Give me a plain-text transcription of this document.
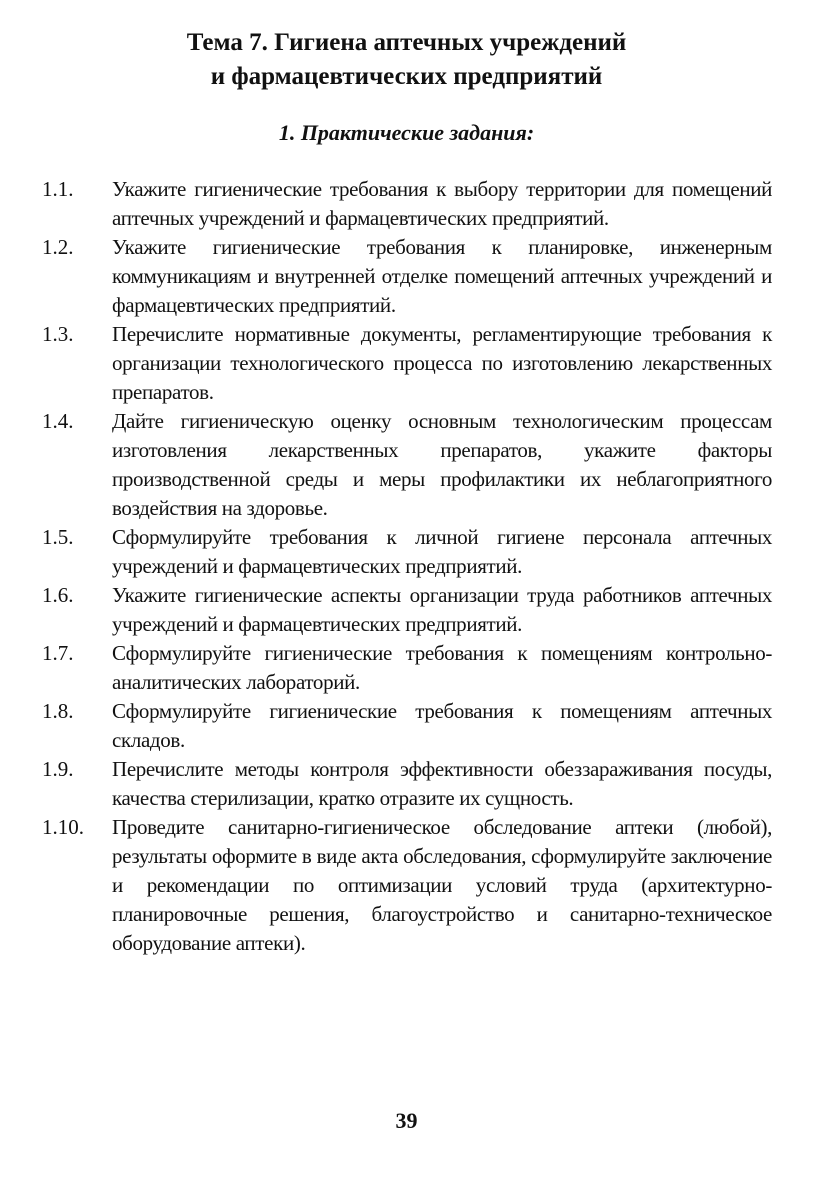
Тема 7. Гигиена аптечных учреждений
и фармацевтических предприятий
1. Практические задания:
1.1.	Укажите гигиенические требования к выбору территории для помещений аптечных учреждений и фармацевтических предприятий.
1.2.	Укажите гигиенические требования к планировке, инженерным коммуникациям и внутренней отделке помещений аптечных учреждений и фармацевтических предприятий.
1.3.	Перечислите нормативные документы, регламентирующие требования к организации технологического процесса по изготовлению лекарственных препаратов.
1.4.	Дайте гигиеническую оценку основным технологическим процессам изготовления лекарственных препаратов, укажите факторы производственной среды и меры профилактики их неблагоприятного воздействия на здоровье.
1.5.	Сформулируйте требования к личной гигиене персонала аптечных учреждений и фармацевтических предприятий.
1.6.	Укажите гигиенические аспекты организации труда работников аптечных учреждений и фармацевтических предприятий.
1.7.	Сформулируйте гигиенические требования к помещениям контрольно-аналитических лабораторий.
1.8.	Сформулируйте гигиенические требования к помещениям аптечных складов.
1.9.	Перечислите методы контроля эффективности обеззараживания посуды, качества стерилизации, кратко отразите их сущность.
1.10.	Проведите санитарно-гигиеническое обследование аптеки (любой), результаты оформите в виде акта обследования, сформулируйте заключение и рекомендации по оптимизации условий труда (архитектурно-планировочные решения, благоустройство и санитарно-техническое оборудование аптеки).
39
